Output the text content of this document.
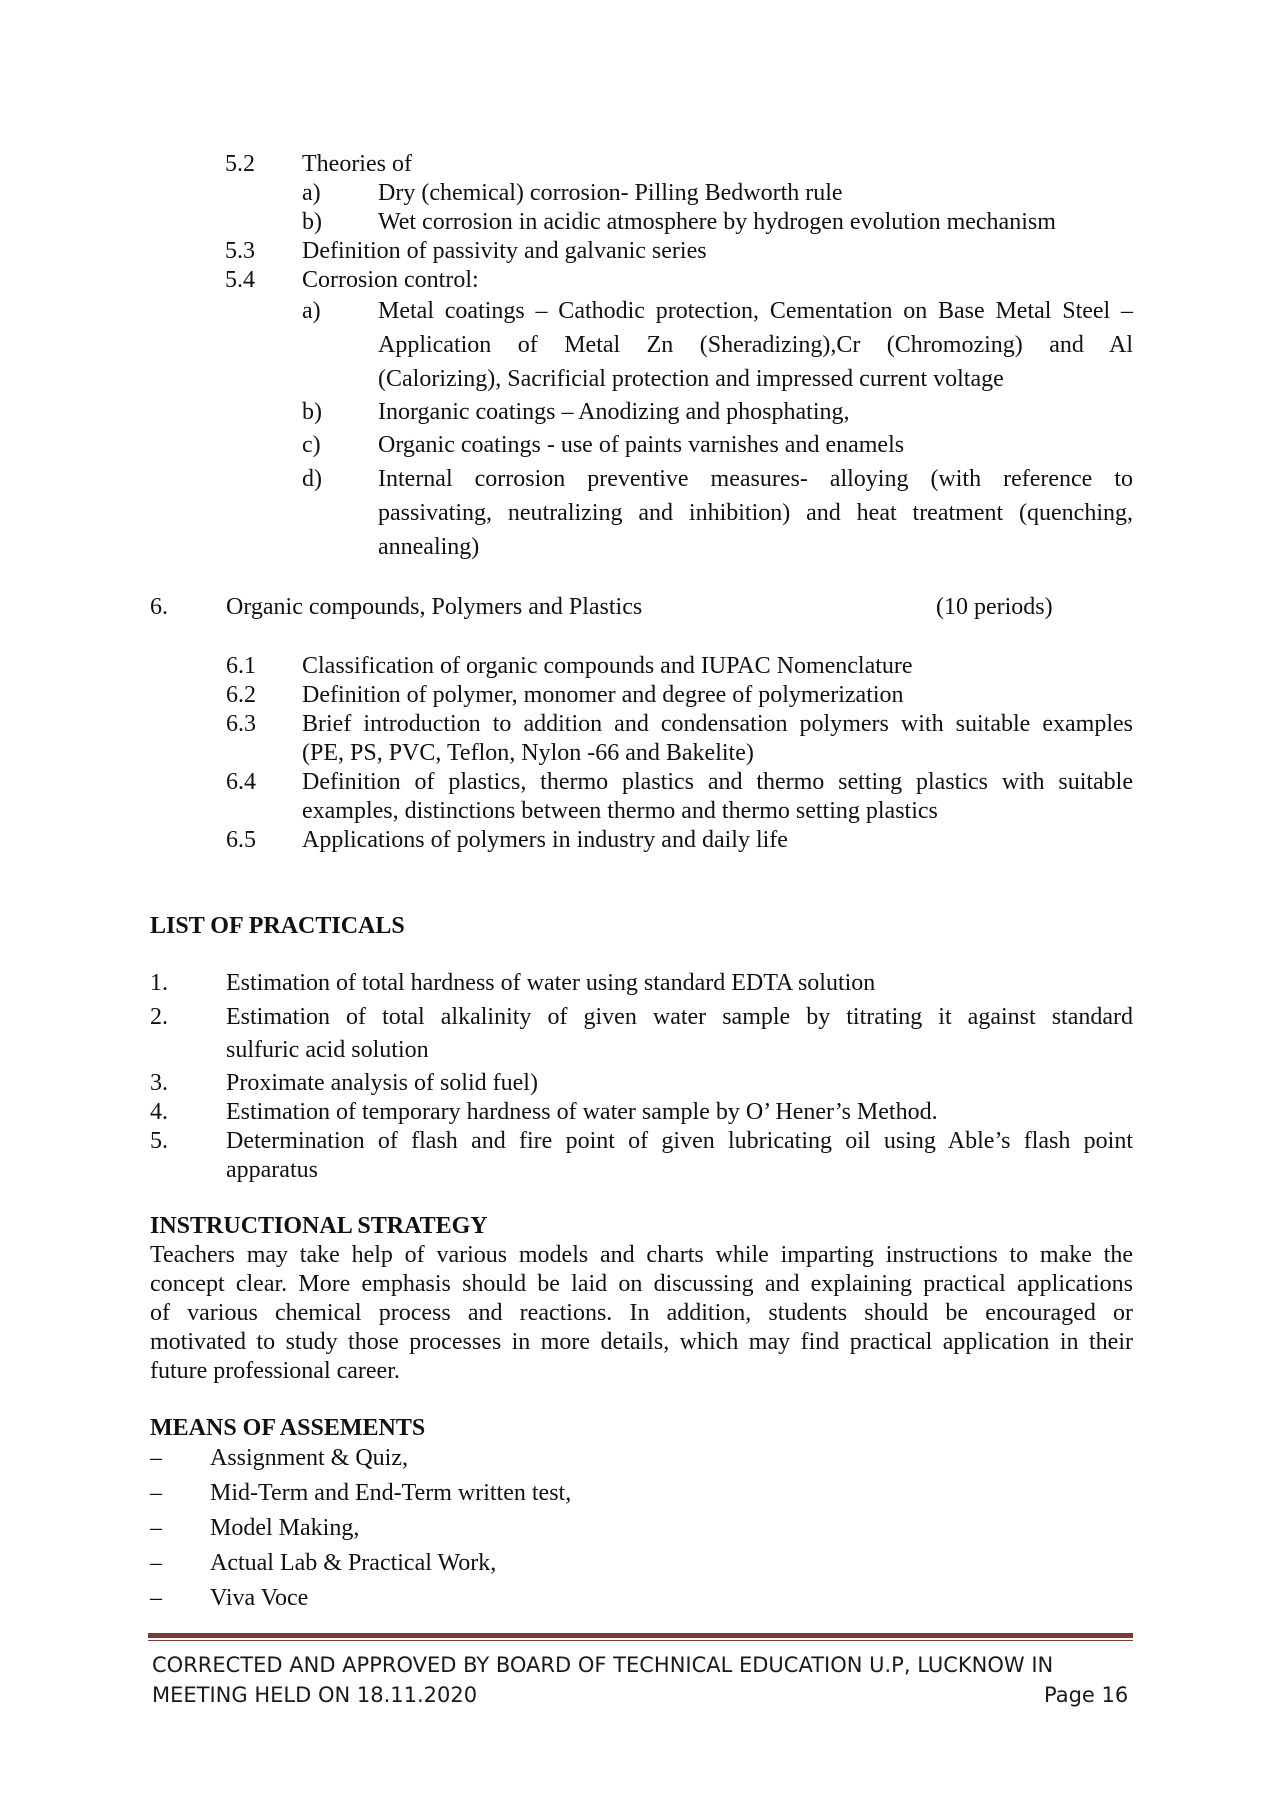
5.2 Theories of
a) Dry (chemical) corrosion- Pilling Bedworth rule
b) Wet corrosion in acidic atmosphere by hydrogen evolution mechanism
5.3 Definition of passivity and galvanic series
5.4 Corrosion control:
a) Metal coatings – Cathodic protection, Cementation on Base Metal Steel –
Application of Metal Zn (Sheradizing),Cr (Chromozing) and Al
(Calorizing), Sacrificial protection and impressed current voltage
b) Inorganic coatings – Anodizing and phosphating,
c) Organic coatings - use of paints varnishes and enamels
d) Internal corrosion preventive measures- alloying (with reference to
passivating, neutralizing and inhibition) and heat treatment (quenching,
annealing)
6. Organic compounds, Polymers and Plastics	(10 periods)
6.1 Classification of organic compounds and IUPAC Nomenclature
6.2 Definition of polymer, monomer and degree of polymerization
6.3 Brief introduction to addition and condensation polymers with suitable examples
(PE, PS, PVC, Teflon, Nylon -66 and Bakelite)
6.4 Definition of plastics, thermo plastics and thermo setting plastics with suitable
examples, distinctions between thermo and thermo setting plastics
6.5 Applications of polymers in industry and daily life
LIST OF PRACTICALS
1. Estimation of total hardness of water using standard EDTA solution
2. Estimation of total alkalinity of given water sample by titrating it against standard
sulfuric acid solution
3. Proximate analysis of solid fuel)
4. Estimation of temporary hardness of water sample by O’ Hener’s Method.
5. Determination of flash and fire point of given lubricating oil using Able’s flash point
apparatus
INSTRUCTIONAL STRATEGY
Teachers may take help of various models and charts while imparting instructions to make the
concept clear. More emphasis should be laid on discussing and explaining practical applications
of various chemical process and reactions. In addition, students should be encouraged or
motivated to study those processes in more details, which may find practical application in their
future professional career.
MEANS OF ASSEMENTS
– Assignment & Quiz,
– Mid-Term and End-Term written test,
– Model Making,
– Actual Lab & Practical Work,
– Viva Voce
CORRECTED AND APPROVED BY BOARD OF TECHNICAL EDUCATION U.P, LUCKNOW IN
MEETING HELD ON 18.11.2020	Page 16
